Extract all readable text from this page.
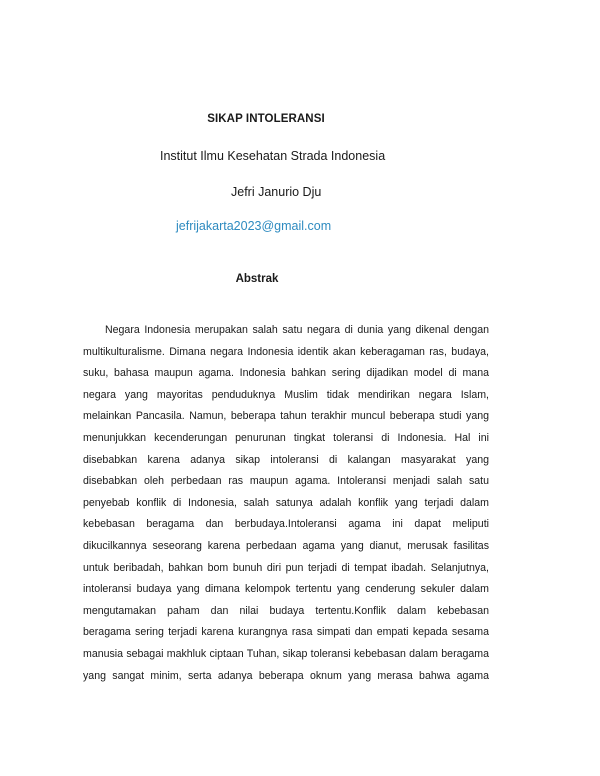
SIKAP INTOLERANSI
Institut Ilmu Kesehatan Strada Indonesia
Jefri Janurio Dju
jefrijakarta2023@gmail.com
Abstrak
Negara Indonesia merupakan salah satu negara di dunia yang dikenal dengan
multikulturalisme. Dimana negara Indonesia identik akan keberagaman ras, budaya,
suku, bahasa maupun agama. Indonesia bahkan sering dijadikan model di mana
negara yang mayoritas penduduknya Muslim tidak mendirikan negara Islam,
melainkan Pancasila. Namun, beberapa tahun terakhir muncul beberapa studi yang
menunjukkan kecenderungan penurunan tingkat toleransi di Indonesia. Hal ini
disebabkan karena adanya sikap intoleransi di kalangan masyarakat yang
disebabkan oleh perbedaan ras maupun agama. Intoleransi menjadi salah satu
penyebab konflik di Indonesia, salah satunya adalah konflik yang terjadi dalam
kebebasan beragama dan berbudaya.Intoleransi agama ini dapat meliputi
dikucilkannya seseorang karena perbedaan agama yang dianut, merusak fasilitas
untuk beribadah, bahkan bom bunuh diri pun terjadi di tempat ibadah. Selanjutnya,
intoleransi budaya yang dimana kelompok tertentu yang cenderung sekuler dalam
mengutamakan paham dan nilai budaya tertentu.Konflik dalam kebebasan
beragama sering terjadi karena kurangnya rasa simpati dan empati kepada sesama
manusia sebagai makhluk ciptaan Tuhan, sikap toleransi kebebasan dalam beragama
yang sangat minim, serta adanya beberapa oknum yang merasa bahwa agama
